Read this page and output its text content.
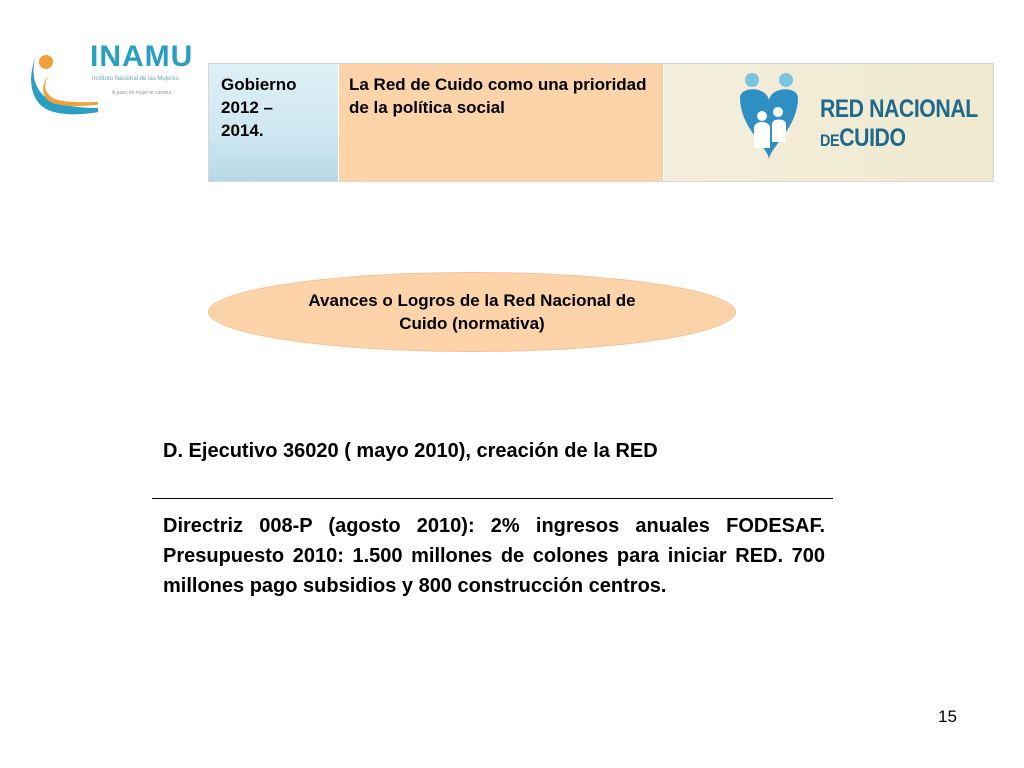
INAMU
Instituto Nacional de las Mujeres
A paso de mujer te cambia	Gobierno
2012 –
2014.
La Red de Cuido como una prioridad de la política social	RED NACIONAL
DECUIDO
Avances o Logros de la Red Nacional de Cuido (normativa)
D. Ejecutivo 36020 ( mayo 2010), creación de la RED
Directriz 008-P (agosto 2010): 2% ingresos anuales FODESAF. Presupuesto 2010: 1.500 millones de colones para iniciar RED. 700 millones pago subsidios y 800 construcción centros.
15
